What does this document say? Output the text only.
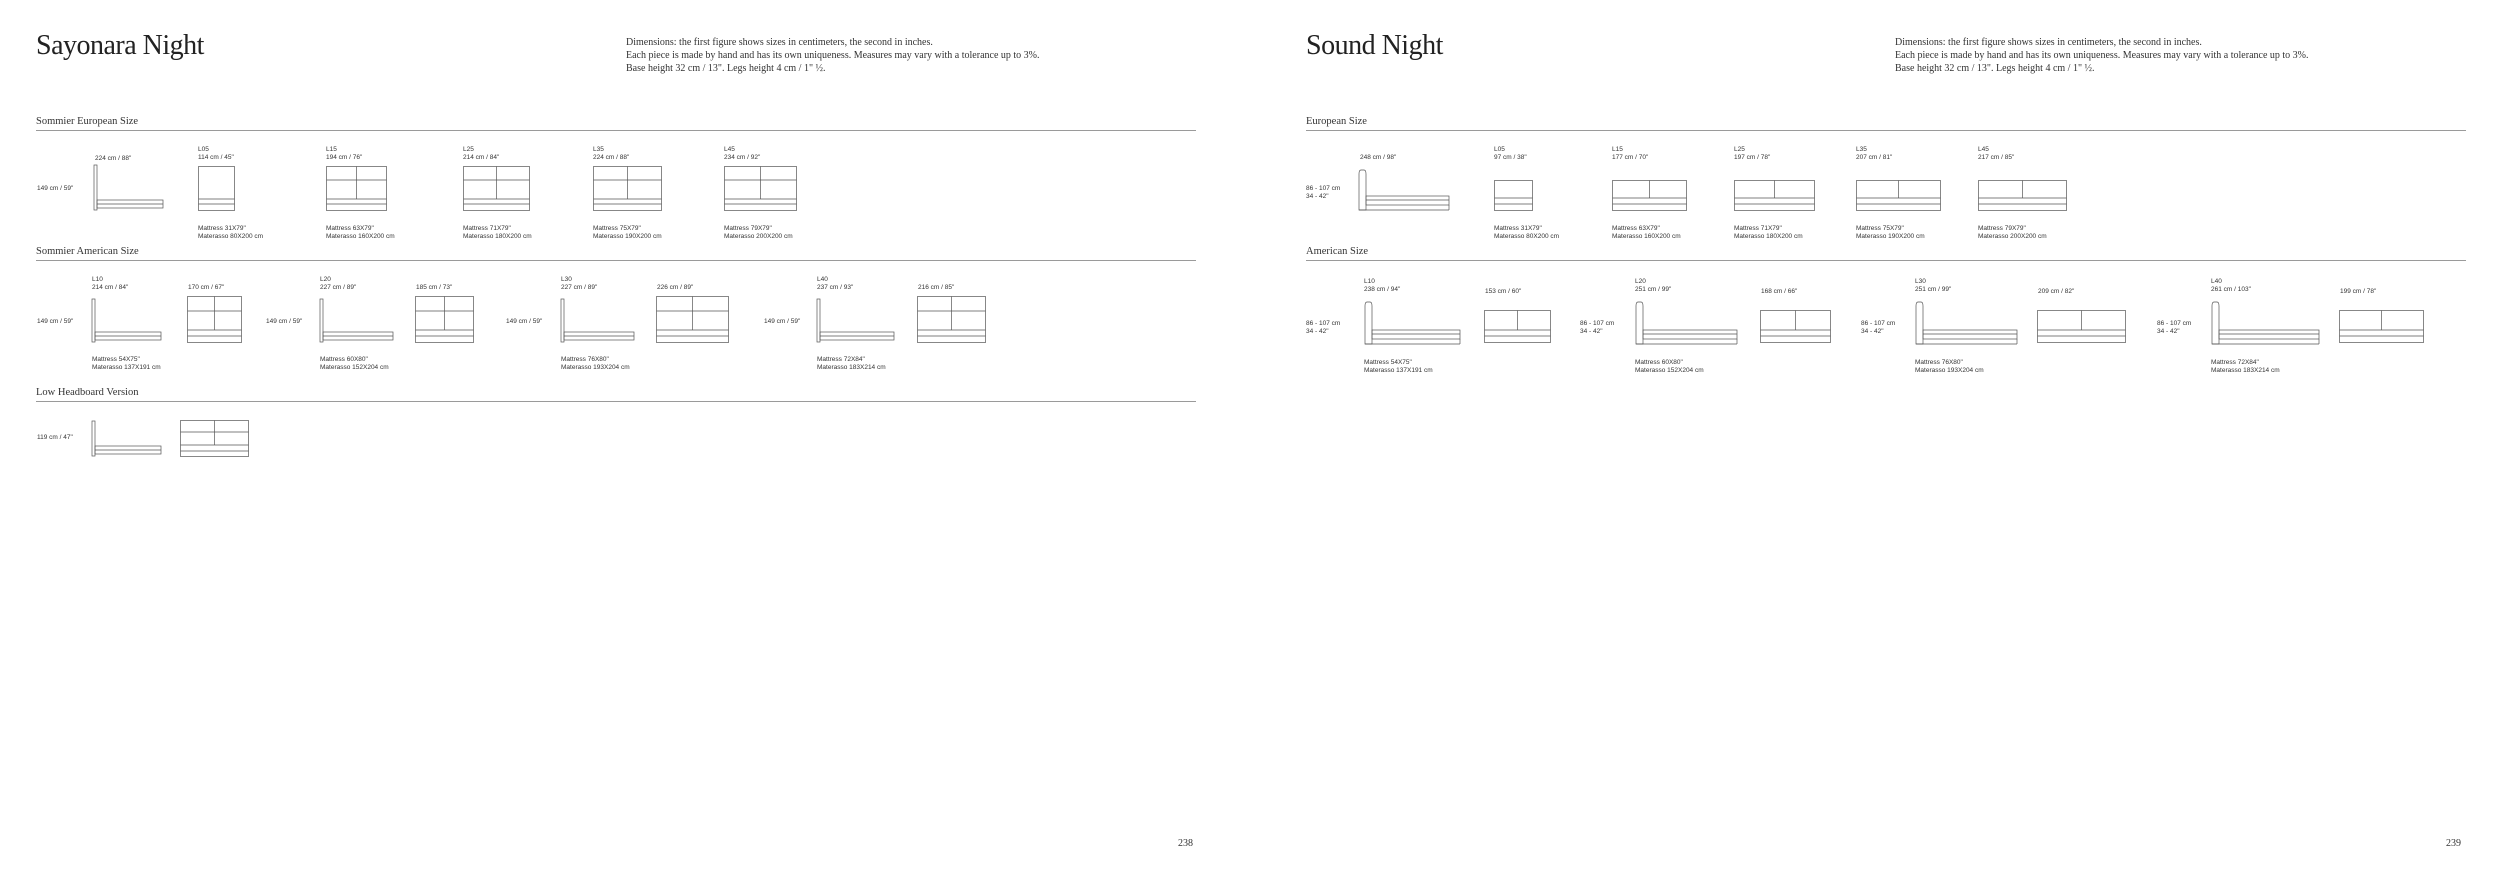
Sayonara Night	Dimensions: the first figure shows sizes in centimeters, the second in inches.
Each piece is made by hand and has its own uniqueness. Measures may vary with a tolerance up to 3%.
Base height 32 cm / 13". Legs height 4 cm / 1" ½.
Sommier European Size
149 cm / 59"
224 cm / 88"
L05
114 cm / 45"
Mattress 31X79"
Materasso 80X200 cm
L15
194 cm / 76"
Mattress 63X79"
Materasso 160X200 cm
L25
214 cm / 84"
Mattress 71X79"
Materasso 180X200 cm
L35
224 cm / 88"
Mattress 75X79"
Materasso 190X200 cm
L45
234 cm / 92"
Mattress 79X79"
Materasso 200X200 cm
Sommier American Size
L10
214 cm / 84"
149 cm / 59"
170 cm / 67"
Mattress 54X75"
Materasso 137X191 cm
L20
227 cm / 89"
149 cm / 59"
185 cm / 73"
Mattress 60X80"
Materasso 152X204 cm
L30
227 cm / 89"
149 cm / 59"
226 cm / 89"
Mattress 76X80"
Materasso 193X204 cm
L40
237 cm / 93"
149 cm / 59"
216 cm / 85"
Mattress 72X84"
Materasso 183X214 cm
Low Headboard Version
119 cm / 47"
238
Sound Night	Dimensions: the first figure shows sizes in centimeters, the second in inches.
Each piece is made by hand and has its own uniqueness. Measures may vary with a tolerance up to 3%.
Base height 32 cm / 13". Legs height 4 cm / 1" ½.
European Size
86 - 107 cm
34 - 42"
248 cm / 98"
L05
97 cm / 38"
Mattress 31X79"
Materasso 80X200 cm
L15
177 cm / 70"
Mattress 63X79"
Materasso 160X200 cm
L25
197 cm / 78"
Mattress 71X79"
Materasso 180X200 cm
L35
207 cm / 81"
Mattress 75X79"
Materasso 190X200 cm
L45
217 cm / 85"
Mattress 79X79"
Materasso 200X200 cm
American Size
L10
238 cm / 94"
86 - 107 cm
34 - 42"
153 cm / 60"
Mattress 54X75"
Materasso 137X191 cm
L20
251 cm / 99"
86 - 107 cm
34 - 42"
168 cm / 66"
Mattress 60X80"
Materasso 152X204 cm
L30
251 cm / 99"
86 - 107 cm
34 - 42"
209 cm / 82"
Mattress 76X80"
Materasso 193X204 cm
L40
261 cm / 103"
86 - 107 cm
34 - 42"
199 cm / 78"
Mattress 72X84"
Materasso 183X214 cm
239
